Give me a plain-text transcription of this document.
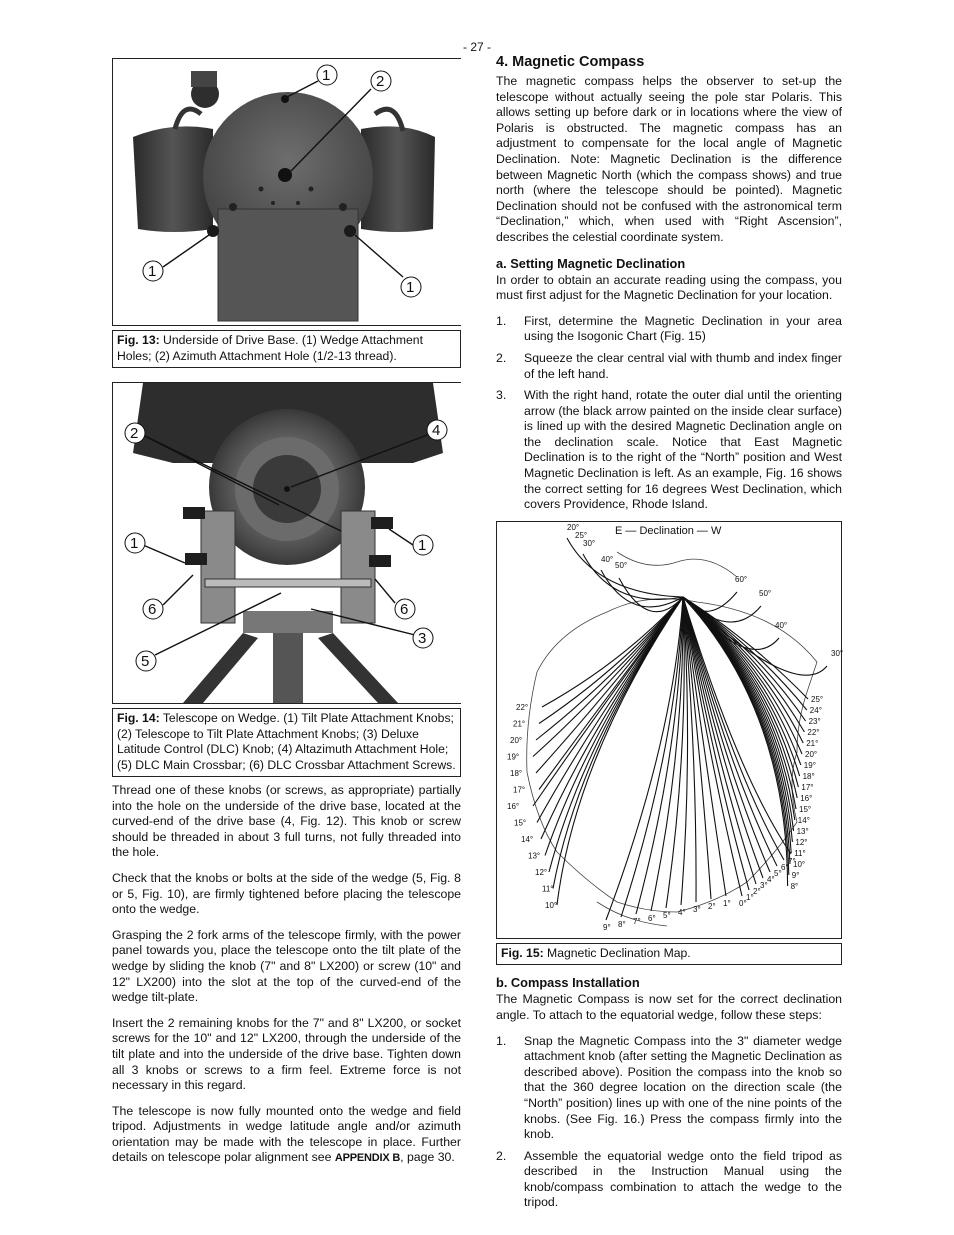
- 27 -
1	2
1
1
Fig. 13: Underside of Drive Base. (1) Wedge Attachment Holes; (2) Azimuth Attachment Hole (1/2-13 thread).
2	4
1	1
6	6
3
5
Fig. 14: Telescope on Wedge. (1) Tilt Plate Attachment Knobs; (2) Telescope to Tilt Plate Attachment Knobs; (3) Deluxe Latitude Control (DLC) Knob; (4) Altazimuth Attachment Hole; (5) DLC Main Crossbar; (6) DLC Crossbar Attachment Screws.

Thread one of these knobs (or screws, as appropriate) partially into the hole on the underside of the drive base, located at the curved-end of the drive base (4, Fig. 12). This knob or screw should be threaded in about 3 full turns, not fully threaded into the hole.

Check that the knobs or bolts at the side of the wedge (5, Fig. 8 or 5, Fig. 10), are firmly tightened before placing the telescope onto the wedge.

Grasping the 2 fork arms of the telescope firmly, with the power panel towards you, place the telescope onto the tilt plate of the wedge by sliding the knob (7" and 8" LX200) or screw (10" and 12" LX200) into the slot at the top of the curved-end of the wedge tilt-plate.

Insert the 2 remaining knobs for the 7" and 8" LX200, or socket screws for the 10" and 12" LX200, through the underside of the tilt plate and into the underside of the drive base. Tighten down all 3 knobs or screws to a firm feel. Extreme force is not necessary in this regard.

The telescope is now fully mounted onto the wedge and field tripod. Adjustments in wedge latitude angle and/or azimuth orientation may be made with the telescope in place. Further details on telescope polar alignment see APPENDIX B, page 30.

4. Magnetic Compass

The magnetic compass helps the observer to set-up the telescope without actually seeing the pole star Polaris. This allows setting up before dark or in locations where the view of Polaris is obstructed. The magnetic compass has an adjustment to compensate for the local angle of Magnetic Declination. Note: Magnetic Declination is the difference between Magnetic North (which the compass shows) and true north (where the telescope should be pointed). Magnetic Declination should not be confused with the astronomical term “Declination,” which, when used with “Right Ascension”, describes the celestial coordinate system.

a. Setting Magnetic Declination

In order to obtain an accurate reading using the compass, you must first adjust for the Magnetic Declination for your location.

1. First, determine the Magnetic Declination in your area using the Isogonic Chart (Fig. 15)
2. Squeeze the clear central vial with thumb and index finger of the left hand.
3. With the right hand, rotate the outer dial until the orienting arrow (the black arrow painted on the inside clear surface) is lined up with the desired Magnetic Declination angle on the declination scale. Notice that East Magnetic Declination is to the right of the “North” position and West Magnetic Declination is left. As an example, Fig. 16 shows the correct setting for 16 degrees West Declination, which covers Providence, Rhode Island.
E — Declination — W
20°
25°
30°
40°
50°
60°
50°
40°
30°
22°
21°
20°
19°
18°
17°
16°
15°
14°
13°
12°
11°
10°
9° 8° 7° 6° 5° 4° 3° 2° 1° 0°
1°
2°
3°
4°
5°
6°
7°
25°
24°
23°
22°
21°
20°
19°
18°
17°
16°
15°
14°
13°
12°
11°
10°
9°
8°
Fig. 15: Magnetic Declination Map.
b. Compass Installation

The Magnetic Compass is now set for the correct declination angle. To attach to the equatorial wedge, follow these steps:

1. Snap the Magnetic Compass into the 3" diameter wedge attachment knob (after setting the Magnetic Declination as described above). Position the compass into the knob so that the 360 degree location on the direction scale (the “North” position) lines up with one of the nine points of the knobs. (See Fig. 16.) Press the compass firmly into the knob.
2. Assemble the equatorial wedge onto the field tripod as described in the Instruction Manual using the knob/compass combination to attach the wedge to the tripod.
